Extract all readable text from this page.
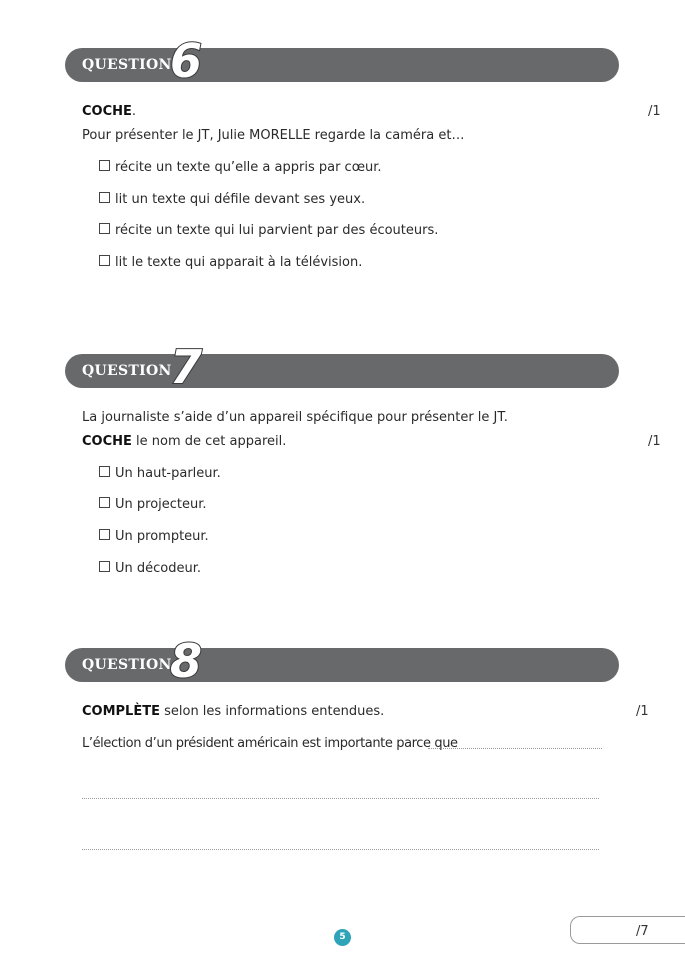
QUESTION
6
COCHE.	/1
Pour présenter le JT, Julie MORELLE regarde la caméra et…
récite un texte qu’elle a appris par cœur.
lit un texte qui défile devant ses yeux.
récite un texte qui lui parvient par des écouteurs.
lit le texte qui apparait à la télévision.
QUESTION
7
La journaliste s’aide d’un appareil spécifique pour présenter le JT.
COCHE le nom de cet appareil.	/1
Un haut-parleur.
Un projecteur.
Un prompteur.
Un décodeur.
QUESTION
8
COMPLÈTE selon les informations entendues.	/1
L’élection d’un président américain est importante parce que
5	/7
